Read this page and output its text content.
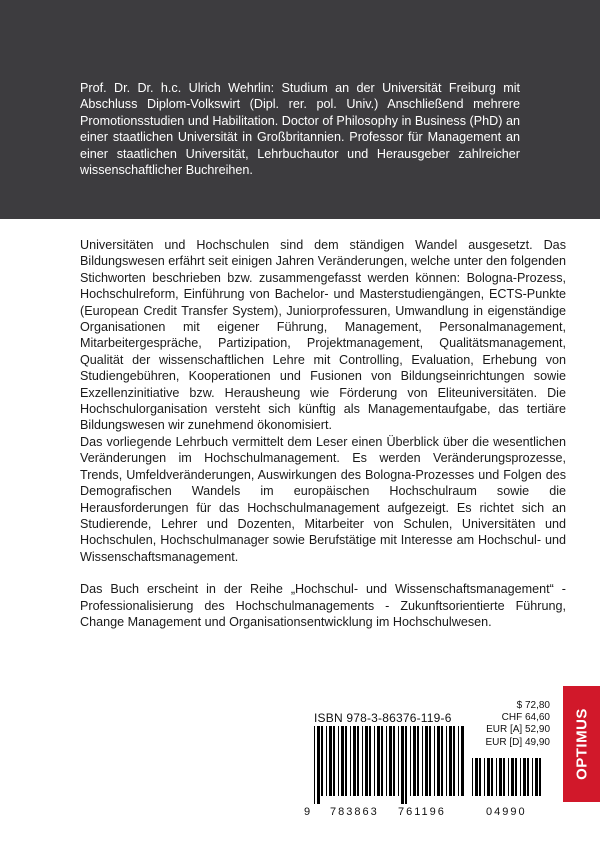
Prof. Dr. Dr. h.c. Ulrich Wehrlin: Studium an der Universität Freiburg mit Abschluss Diplom-Volkswirt (Dipl. rer. pol. Univ.) Anschließend mehrere Promotionsstudien und Habilitation. Doctor of Philosophy in Business (PhD) an einer staatlichen Universität in Großbritannien. Professor für Management an einer staatlichen Universität, Lehrbuchautor und Herausgeber zahlreicher wissenschaftlicher Buchreihen.

Universitäten und Hochschulen sind dem ständigen Wandel ausgesetzt. Das Bildungswesen erfährt seit einigen Jahren Veränderungen, welche unter den folgenden Stichworten beschrieben bzw. zusammengefasst werden können: Bologna-Prozess, Hochschulreform, Einführung von Bachelor- und Masterstudiengängen, ECTS-Punkte (European Credit Transfer System), Juniorprofessuren, Umwandlung in eigenständige Organisationen mit eigener Führung, Management, Personalmanagement, Mitarbeitergespräche, Partizipation, Projektmanagement, Qualitätsmanagement, Qualität der wissenschaftlichen Lehre mit Controlling, Evaluation, Erhebung von Studiengebühren, Kooperationen und Fusionen von Bildungseinrichtungen sowie Exzellenzinitiative bzw. Herausheung wie Förderung von Eliteuniversitäten. Die Hochschulorganisation versteht sich künftig als Managementaufgabe, das tertiäre Bildungswesen wir zunehmend ökonomisiert.

Das vorliegende Lehrbuch vermittelt dem Leser einen Überblick über die wesentlichen Veränderungen im Hochschulmanagement. Es werden Veränderungsprozesse, Trends, Umfeldveränderungen, Auswirkungen des Bologna-Prozesses und Folgen des Demografischen Wandels im europäischen Hochschulraum sowie die Herausforderungen für das Hochschulmanagement aufgezeigt. Es richtet sich an Studierende, Lehrer und Dozenten, Mitarbeiter von Schulen, Universitäten und Hochschulen, Hochschulmanager sowie Berufstätige mit Interesse am Hochschul- und Wissenschaftsmanagement.

Das Buch erscheint in der Reihe „Hochschul- und Wissenschaftsmanagement“ - Professionalisierung des Hochschulmanagements - Zukunftsorientierte Führung, Change Management und Organisationsentwicklung im Hochschulwesen.

$ 72,80
CHF 64,60
EUR [A] 52,90
EUR [D] 49,90
ISBN 978-3-86376-119-6
9 783863 761196	04990
OPTIMUS
